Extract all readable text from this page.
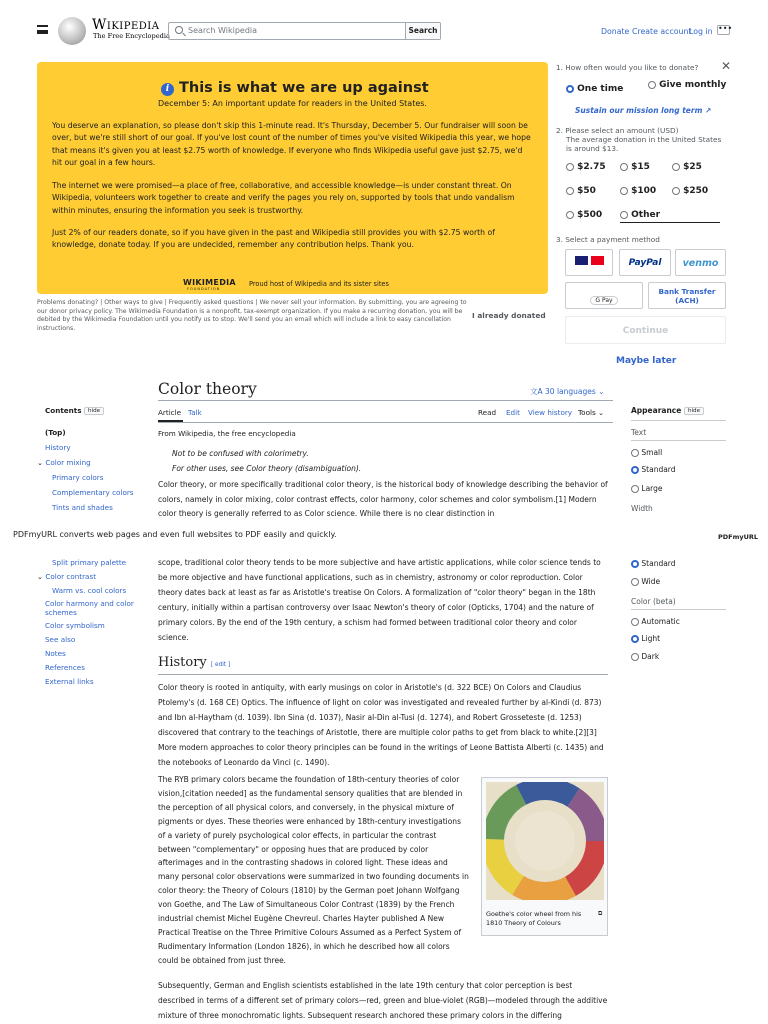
Wikipedia
The Free Encyclopedia
Search Wikipedia	Search	Donate Create account
Log in •••
i This is what we are up against
December 5: An important update for readers in the United States.
You deserve an explanation, so please don't skip this 1-minute read. It's Thursday, December 5. Our fundraiser will soon be over, but we're still short of our goal. If you've lost count of the number of times you've visited Wikipedia this year, we hope that means it's given you at least $2.75 worth of knowledge. If everyone who finds Wikipedia useful gave just $2.75, we'd hit our goal in a few hours.
The internet we were promised—a place of free, collaborative, and accessible knowledge—is under constant threat. On Wikipedia, volunteers work together to create and verify the pages you rely on, supported by tools that undo vandalism within minutes, ensuring the information you seek is trustworthy.
Just 2% of our readers donate, so if you have given in the past and Wikipedia still provides you with $2.75 worth of knowledge, donate today. If you are undecided, remember any contribution helps. Thank you.
WIKIMEDIA
FOUNDATION
Proud host of Wikipedia and its sister sites
Problems donating? | Other ways to give | Frequently asked questions | We never sell your information. By submitting, you are agreeing to our donor privacy policy. The Wikimedia Foundation is a nonprofit, tax-exempt organization. If you make a recurring donation, you will be debited by the Wikimedia Foundation until you notify us to stop. We'll send you an email which will include a link to easy cancellation instructions.
I already donated
1. How often would you like to donate? ✕
One time	Give monthly
Sustain our mission long term ↗
2. Please select an amount (USD)
The average donation in the United States is around $13.
$2.75	$15	$25
$50	$100	$250
$500	Other
3. Select a payment method
PayPal	venmo
G Pay
Bank Transfer (ACH)
Continue
Maybe later
Color theory	文A 30 languages ⌄
Article Talk	Read Edit View history Tools ⌄
Contents hide
(Top)
History
⌄ Color mixing
Primary colors
Complementary colors
Tints and shades
Appearance hide
Text
Small
Standard
Large
Width
From Wikipedia, the free encyclopedia
Not to be confused with colorimetry.
For other uses, see Color theory (disambiguation).
Color theory, or more specifically traditional color theory, is the historical body of knowledge describing the behavior of colors, namely in color mixing, color contrast effects, color harmony, color schemes and color symbolism.[1] Modern color theory is generally referred to as Color science. While there is no clear distinction in
PDFmyURL converts web pages and even full websites to PDF easily and quickly.	PDFmyURL
Split primary palette
⌄ Color contrast
Warm vs. cool colors
Color harmony and color schemes
Color symbolism
See also
Notes
References
External links
Standard
Wide
Color (beta)
Automatic
Light
Dark
scope, traditional color theory tends to be more subjective and have artistic applications, while color science tends to be more objective and have functional applications, such as in chemistry, astronomy or color reproduction. Color theory dates back at least as far as Aristotle's treatise On Colors. A formalization of "color theory" began in the 18th century, initially within a partisan controversy over Isaac Newton's theory of color (Opticks, 1704) and the nature of primary colors. By the end of the 19th century, a schism had formed between traditional color theory and color science.
History [ edit ]
Color theory is rooted in antiquity, with early musings on color in Aristotle's (d. 322 BCE) On Colors and Claudius Ptolemy's (d. 168 CE) Optics. The influence of light on color was investigated and revealed further by al-Kindi (d. 873) and Ibn al-Haytham (d. 1039). Ibn Sina (d. 1037), Nasir al-Din al-Tusi (d. 1274), and Robert Grosseteste (d. 1253) discovered that contrary to the teachings of Aristotle, there are multiple color paths to get from black to white.[2][3] More modern approaches to color theory principles can be found in the writings of Leone Battista Alberti (c. 1435) and the notebooks of Leonardo da Vinci (c. 1490).
The RYB primary colors became the foundation of 18th-century theories of color vision,[citation needed] as the fundamental sensory qualities that are blended in the perception of all physical colors, and conversely, in the physical mixture of pigments or dyes. These theories were enhanced by 18th-century investigations of a variety of purely psychological color effects, in particular the contrast between "complementary" or opposing hues that are produced by color afterimages and in the contrasting shadows in colored light. These ideas and many personal color observations were summarized in two founding documents in color theory: the Theory of Colours (1810) by the German poet Johann Wolfgang von Goethe, and The Law of Simultaneous Color Contrast (1839) by the French industrial chemist Michel Eugène Chevreul. Charles Hayter published A New Practical Treatise on the Three Primitive Colours Assumed as a Perfect System of Rudimentary Information (London 1826), in which he described how all colors could be obtained from just three.
Subsequently, German and English scientists established in the late 19th century that color perception is best described in terms of a different set of primary colors—red, green and blue-violet (RGB)—modeled through the additive mixture of three monochromatic lights. Subsequent research anchored these primary colors in the differing
Goethe's color wheel from his 1810 Theory of Colours
⧉
